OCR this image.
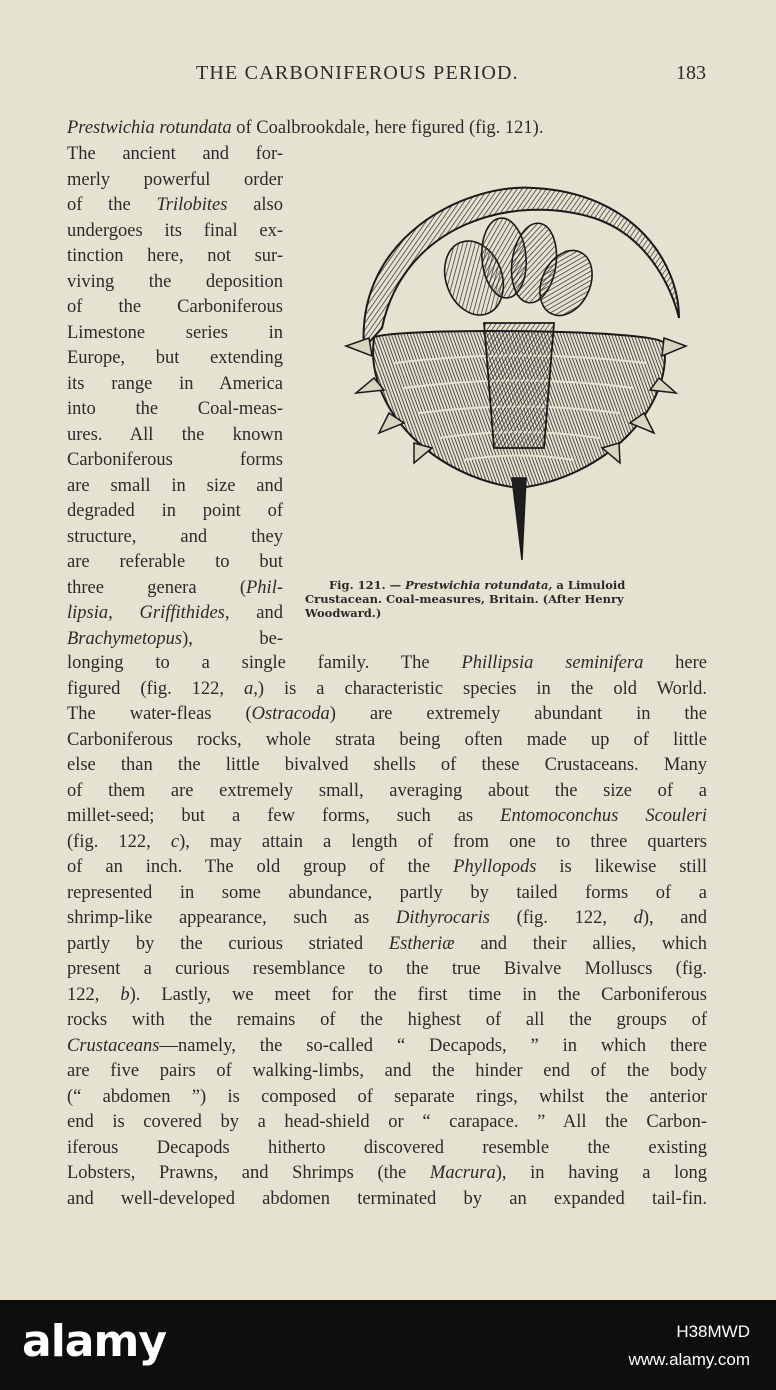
THE CARBONIFEROUS PERIOD.	183
Prestwichia rotundata of Coalbrookdale, here figured (fig. 121).
The ancient and for-
merly powerful order
of the Trilobites also
undergoes its final ex-
tinction here, not sur-
viving the deposition
of the Carboniferous
Limestone series in
Europe, but extending
its range in America
into the Coal-meas-
ures. All the known
Carboniferous forms
are small in size and
degraded in point of
structure, and they
are referable to but
three genera (Phil-
lipsia, Griffithides, and
Brachymetopus), be-
Fig. 121. — Prestwichia rotundata, a Limuloid
Crustacean. Coal-measures, Britain. (After Henry
Woodward.)
longing to a single family. The Phillipsia seminifera here
figured (fig. 122, a,) is a characteristic species in the old World.
The water-fleas (Ostracoda) are extremely abundant in the
Carboniferous rocks, whole strata being often made up of little
else than the little bivalved shells of these Crustaceans. Many
of them are extremely small, averaging about the size of a
millet-seed; but a few forms, such as Entomoconchus Scouleri
(fig. 122, c), may attain a length of from one to three quarters
of an inch. The old group of the Phyllopods is likewise still
represented in some abundance, partly by tailed forms of a
shrimp-like appearance, such as Dithyrocaris (fig. 122, d), and
partly by the curious striated Estheriæ and their allies, which
present a curious resemblance to the true Bivalve Molluscs (fig.
122, b). Lastly, we meet for the first time in the Carboniferous
rocks with the remains of the highest of all the groups of
Crustaceans—namely, the so-called “ Decapods, ” in which there
are five pairs of walking-limbs, and the hinder end of the body
(“ abdomen ”) is composed of separate rings, whilst the anterior
end is covered by a head-shield or “ carapace. ” All the Carbon-
iferous Decapods hitherto discovered resemble the existing
Lobsters, Prawns, and Shrimps (the Macrura), in having a long
and well-developed abdomen terminated by an expanded tail-fin.
alamy	H38MWD
www.alamy.com
